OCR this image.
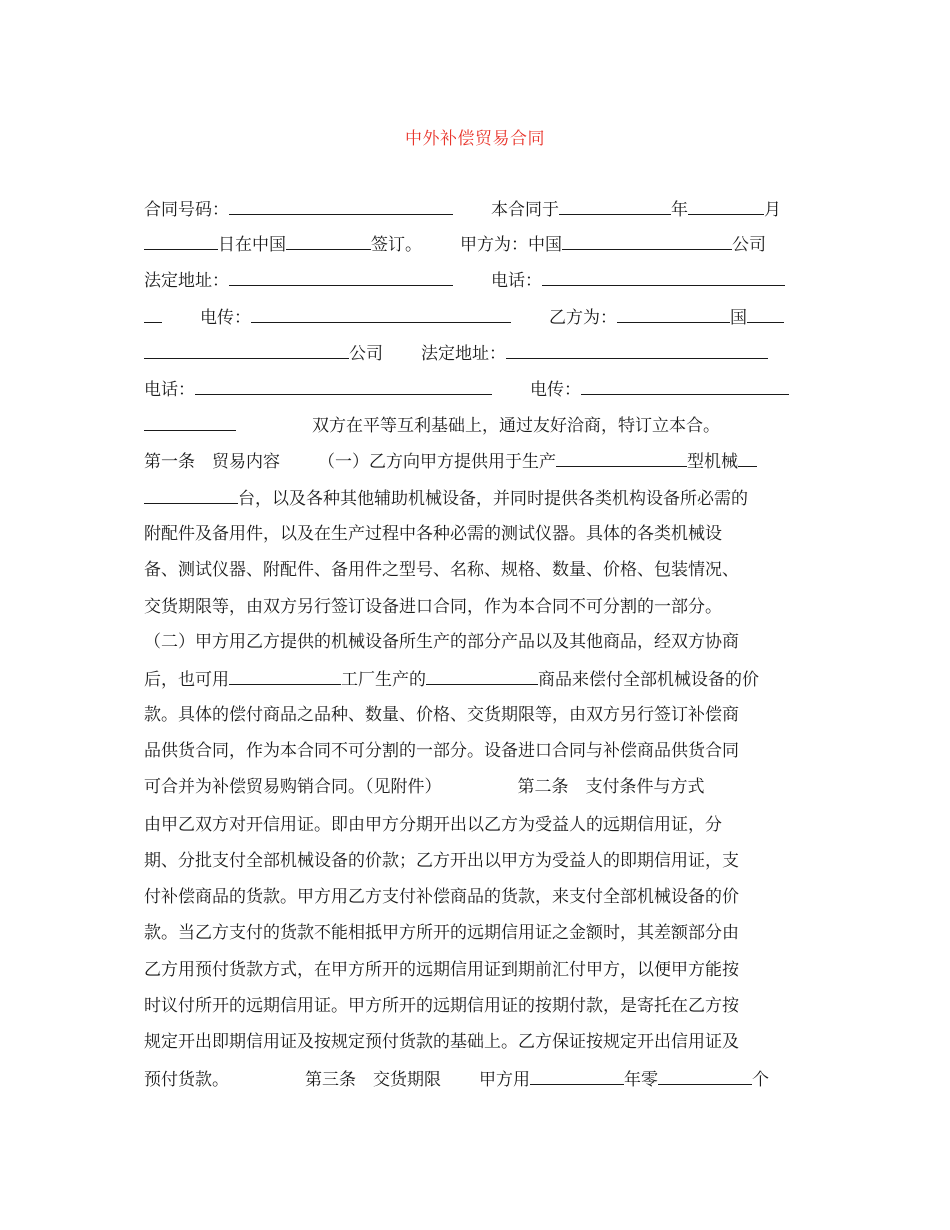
中外补偿贸易合同
合同号码：	本合同于	年	月
日在中国	签订。 甲方为：中国	公司
法定地址：	电话：
电传：	乙方为：	国
公司 法定地址：
电话：	电传：
双方在平等互利基础上，通过友好洽商，特订立本合。
第一条　贸易内容 （一）乙方向甲方提供用于生产	型机械
台，以及各种其他辅助机械设备，并同时提供各类机构设备所必需的
附配件及备用件，以及在生产过程中各种必需的测试仪器。具体的各类机械设
备、测试仪器、附配件、备用件之型号、名称、规格、数量、价格、包装情况、
交货期限等，由双方另行签订设备进口合同，作为本合同不可分割的一部分。
（二）甲方用乙方提供的机械设备所生产的部分产品以及其他商品，经双方协商
后，也可用	工厂生产的	商品来偿付全部机械设备的价
款。具体的偿付商品之品种、数量、价格、交货期限等，由双方另行签订补偿商
品供货合同，作为本合同不可分割的一部分。设备进口合同与补偿商品供货合同
可合并为补偿贸易购销合同。（见附件）	第二条　支付条件与方式
由甲乙双方对开信用证。即由甲方分期开出以乙方为受益人的远期信用证，分
期、分批支付全部机械设备的价款；乙方开出以甲方为受益人的即期信用证，支
付补偿商品的货款。甲方用乙方支付补偿商品的货款，来支付全部机械设备的价
款。当乙方支付的货款不能相抵甲方所开的远期信用证之金额时，其差额部分由
乙方用预付货款方式，在甲方所开的远期信用证到期前汇付甲方，以便甲方能按
时议付所开的远期信用证。甲方所开的远期信用证的按期付款，是寄托在乙方按
规定开出即期信用证及按规定预付货款的基础上。乙方保证按规定开出信用证及
预付货款。	第三条　交货期限 甲方用	年零	个
